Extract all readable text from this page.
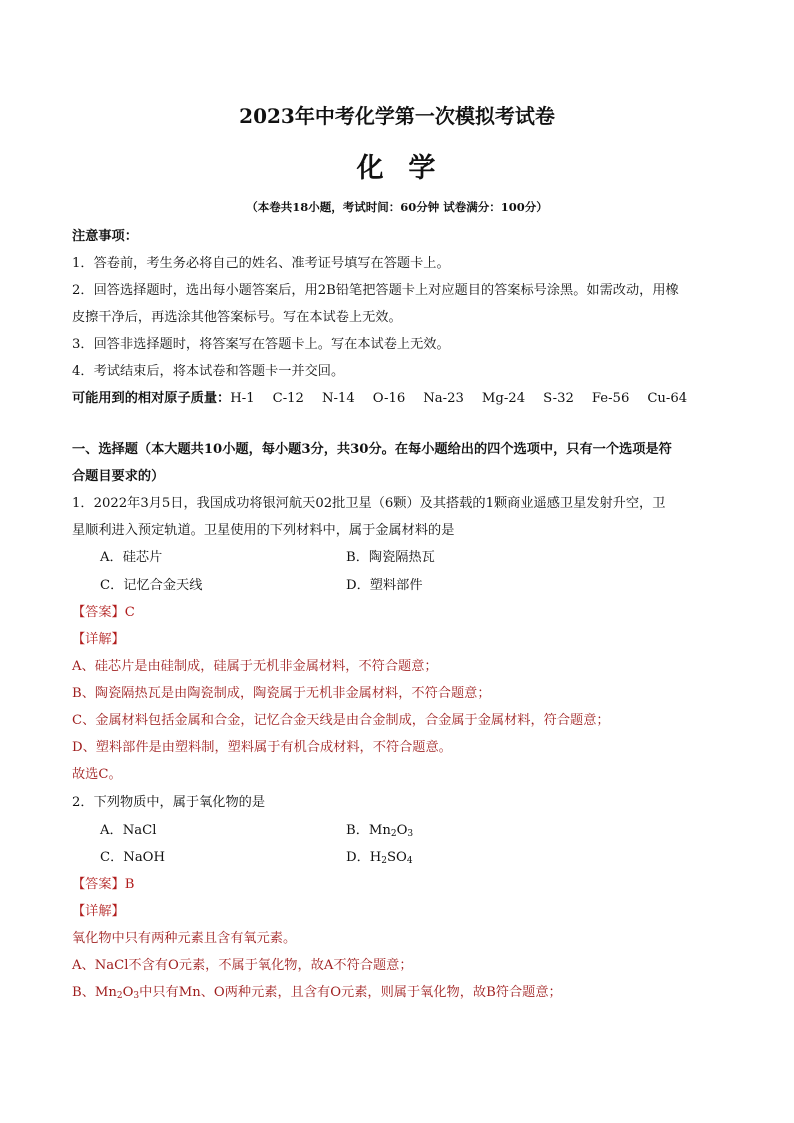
2023年中考化学第一次模拟考试卷
化  学
（本卷共18小题，考试时间：60分钟 试卷满分：100分）
注意事项：
1．答卷前，考生务必将自己的姓名、准考证号填写在答题卡上。
2．回答选择题时，选出每小题答案后，用2B铅笔把答题卡上对应题目的答案标号涂黑。如需改动，用橡
皮擦干净后，再选涂其他答案标号。写在本试卷上无效。
3．回答非选择题时，将答案写在答题卡上。写在本试卷上无效。
4．考试结束后，将本试卷和答题卡一并交回。
可能用到的相对原子质量：H-1 C-12 N-14 O-16 Na-23 Mg-24 S-32 Fe-56 Cu-64
一、选择题（本大题共10小题，每小题3分，共30分。在每小题给出的四个选项中，只有一个选项是符
合题目要求的）
1．2022年3月5日，我国成功将银河航天02批卫星（6颗）及其搭载的1颗商业遥感卫星发射升空，卫
星顺利进入预定轨道。卫星使用的下列材料中，属于金属材料的是
A．硅芯片	B．陶瓷隔热瓦
C．记忆合金天线	D．塑料部件
【答案】C
【详解】
A、硅芯片是由硅制成，硅属于无机非金属材料，不符合题意；
B、陶瓷隔热瓦是由陶瓷制成，陶瓷属于无机非金属材料，不符合题意；
C、金属材料包括金属和合金，记忆合金天线是由合金制成，合金属于金属材料，符合题意；
D、塑料部件是由塑料制，塑料属于有机合成材料，不符合题意。
故选C。
2．下列物质中，属于氧化物的是
A．NaCl	B．$Mn_2O_3$
C．NaOH	D．$H_2SO_4$
【答案】B
【详解】
氧化物中只有两种元素且含有氧元素。
A、NaCl不含有O元素，不属于氧化物，故A不符合题意；
B、$Mn_2O_3$中只有Mn、O两种元素，且含有O元素，则属于氧化物，故B符合题意；
